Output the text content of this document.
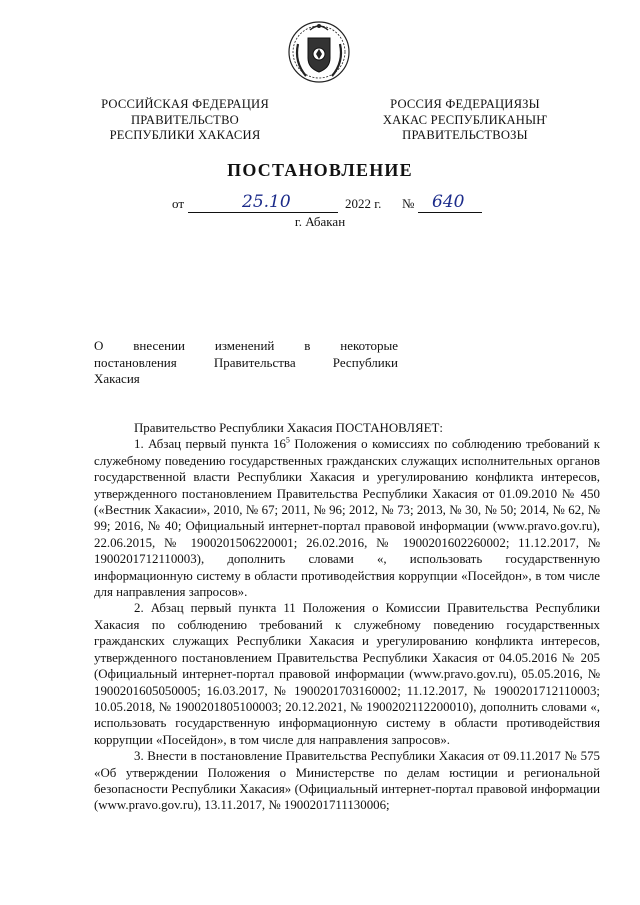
РОССИЙСКАЯ ФЕДЕРАЦИЯ
ПРАВИТЕЛЬСТВО
РЕСПУБЛИКИ ХАКАСИЯ
РОССИЯ ФЕДЕРАЦИЯЗЫ
ХАКАС РЕСПУБЛИКАНЫҤ
ПРАВИТЕЛЬСТВОЗЫ
ПОСТАНОВЛЕНИЕ
от	25.10	2022 г. № 640
г. Абакан
О внесении изменений в некоторые
постановления	Правительства	Республики
Хакасия

Правительство Республики Хакасия ПОСТАНОВЛЯЕТ:

1. Абзац первый пункта $16^5$ Положения о комиссиях по соблюдению требований к служебному поведению государственных гражданских служащих исполнительных органов государственной власти Республики Хакасия и урегулированию конфликта интересов, утвержденного постановлением Правительства Республики Хакасия от 01.09.2010 № 450 («Вестник Хакасии», 2010, № 67; 2011, № 96; 2012, № 73; 2013, № 30, № 50; 2014, № 62, № 99; 2016, № 40; Официальный интернет-портал правовой информации (www.pravo.gov.ru), 22.06.2015, № 1900201506220001; 26.02.2016, № 1900201602260002; 11.12.2017, № 1900201712110003), дополнить словами «, использовать государственную информационную систему в области противодействия коррупции «Посейдон», в том числе для направления запросов».

2. Абзац первый пункта 11 Положения о Комиссии Правительства Республики Хакасия по соблюдению требований к служебному поведению государственных гражданских служащих Республики Хакасия и урегулированию конфликта интересов, утвержденного постановлением Правительства Республики Хакасия от 04.05.2016 № 205 (Официальный интернет-портал правовой информации (www.pravo.gov.ru), 05.05.2016, № 1900201605050005; 16.03.2017, № 1900201703160002; 11.12.2017, № 1900201712110003; 10.05.2018, № 1900201805100003; 20.12.2021, № 1900202112200010), дополнить словами «, использовать государственную информационную систему в области противодействия коррупции «Посейдон», в том числе для направления запросов».

3. Внести в постановление Правительства Республики Хакасия от 09.11.2017 № 575 «Об утверждении Положения о Министерстве по делам юстиции и региональной безопасности Республики Хакасия» (Официальный интернет-портал правовой информации (www.pravo.gov.ru), 13.11.2017, № 1900201711130006;
